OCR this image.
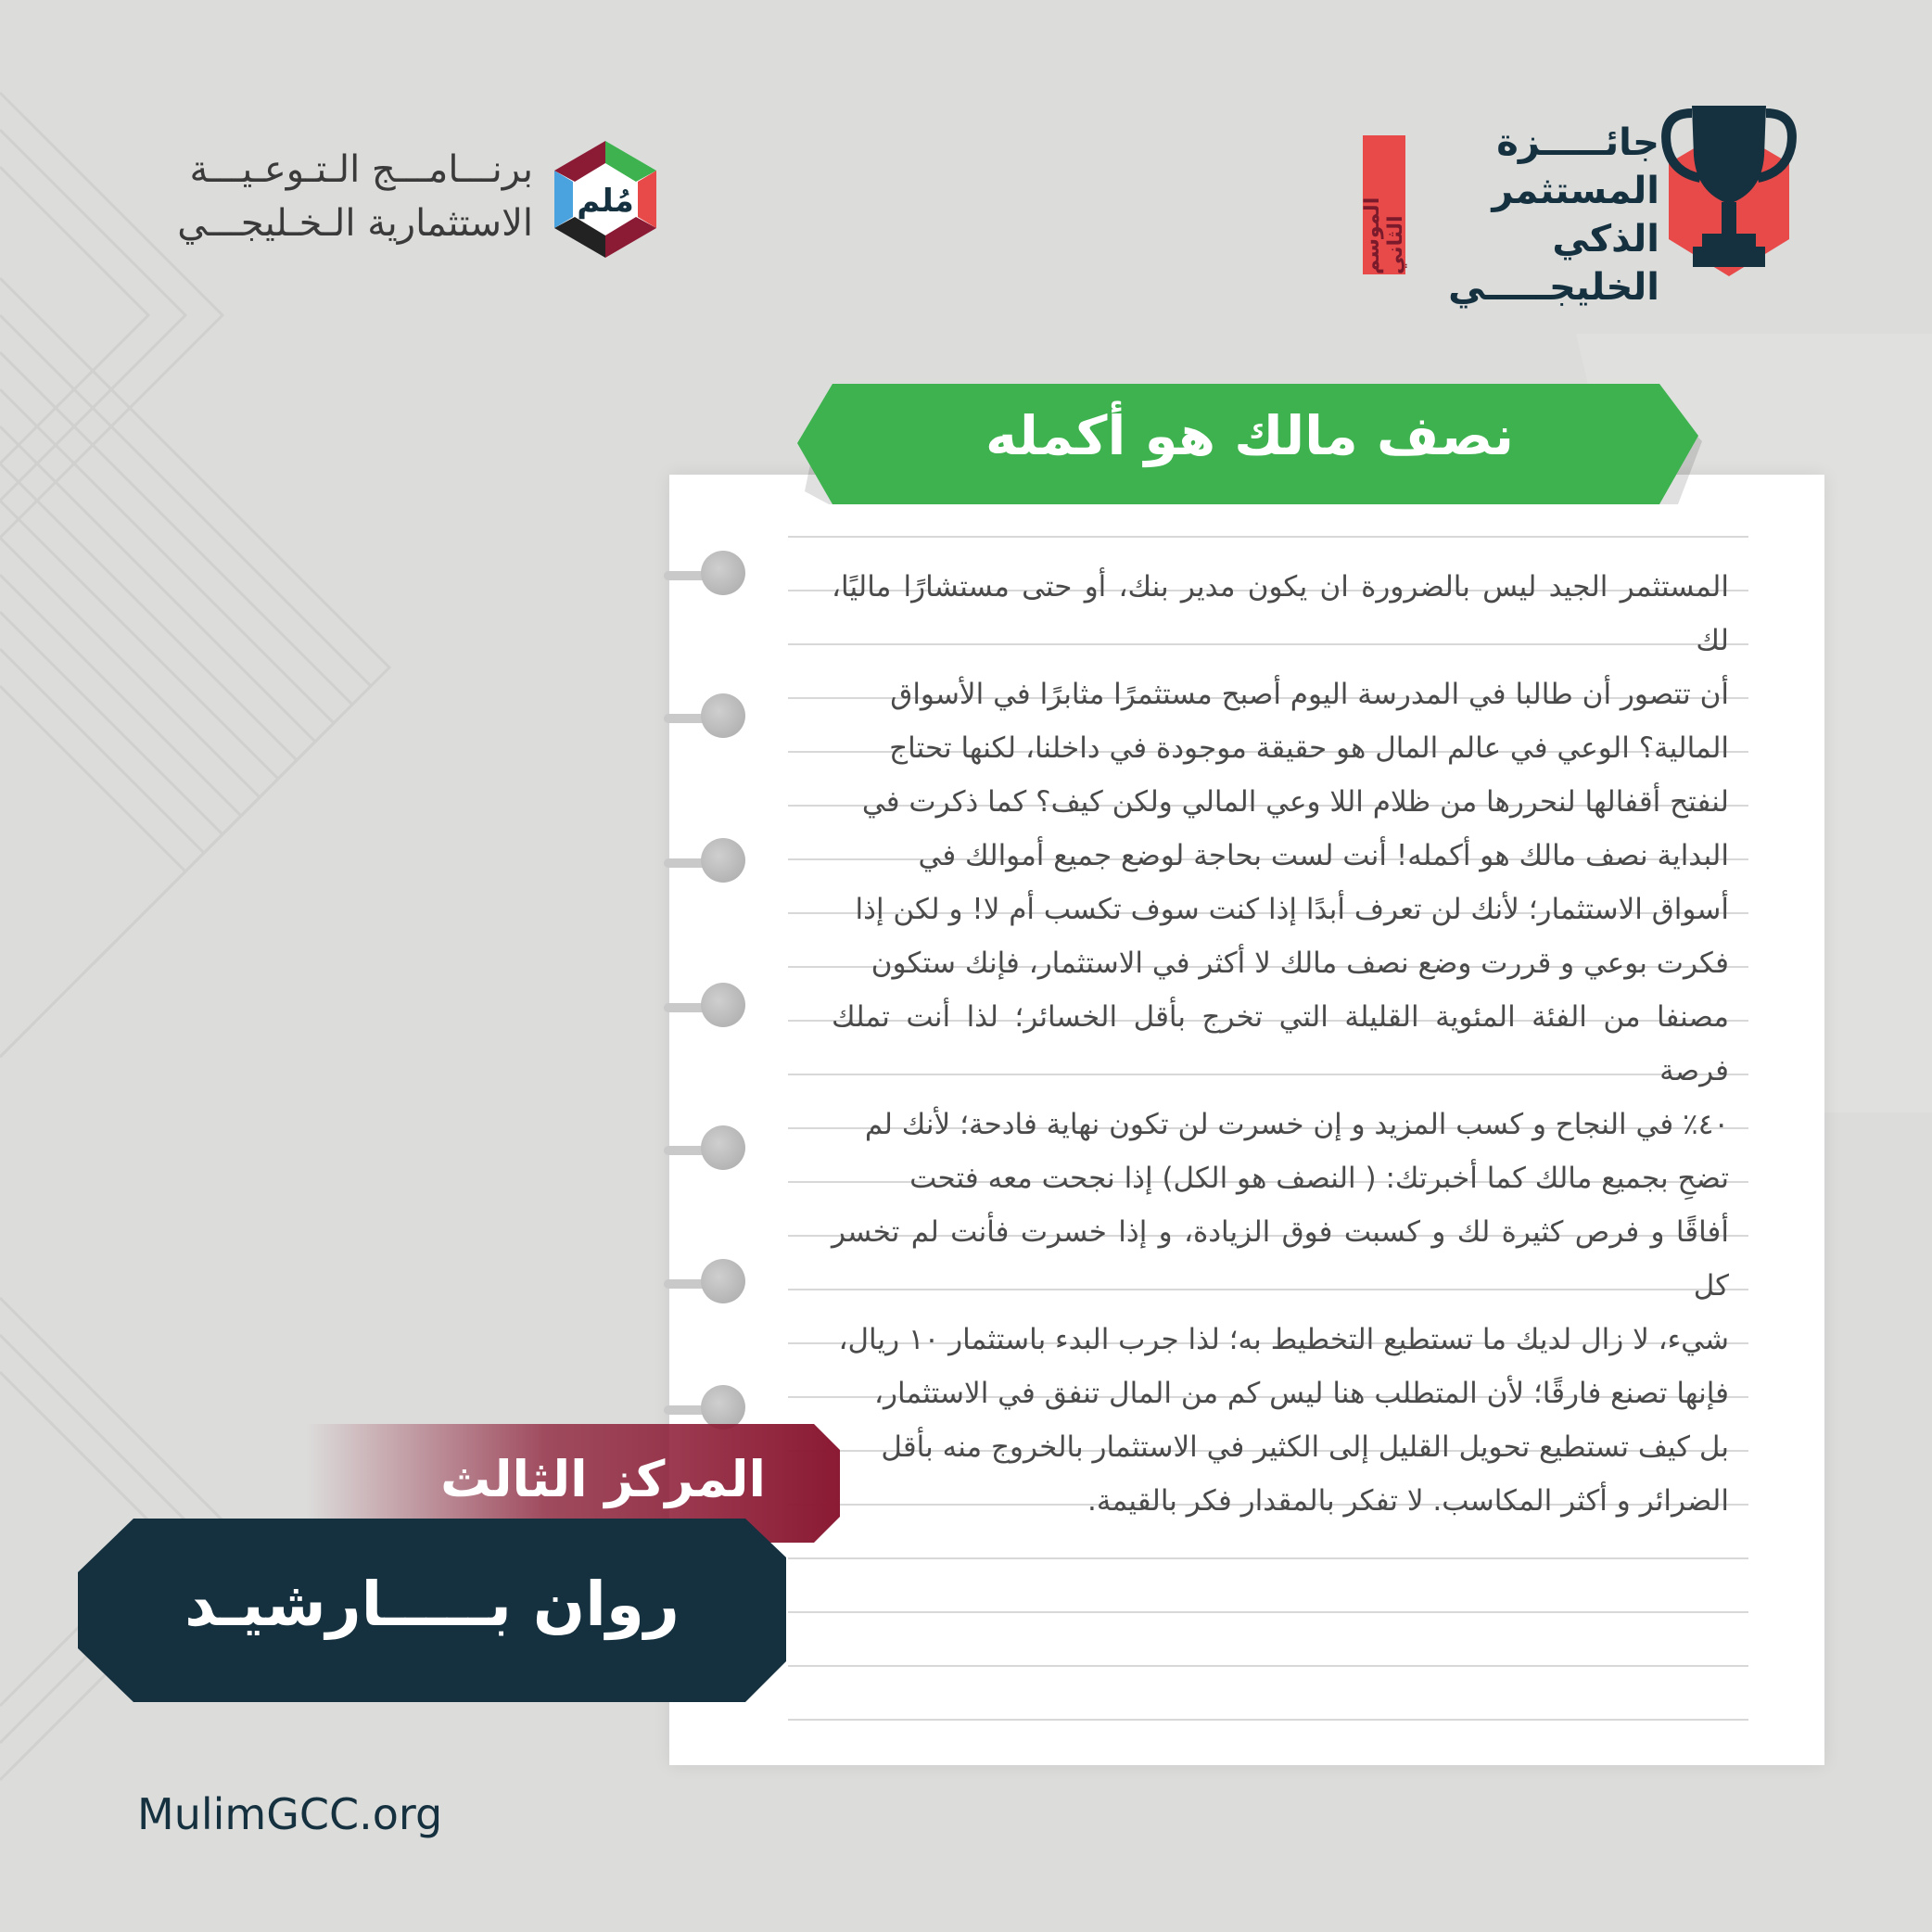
الموسم الثاني
جائـــــزة
المستثمر الذكي
الخليجـــــي
برنـــامـــج الـتـوعـيـــة
الاستثمارية الـخـليجـــي
مُلم
المستثمر الجيد ليس بالضرورة ان يكون مدير بنك، أو حتى مستشارًا ماليًا، لك
أن تتصور أن طالبا في المدرسة اليوم أصبح مستثمرًا مثابرًا في الأسواق
المالية؟ الوعي في عالم المال هو حقيقة موجودة في داخلنا، لكنها تحتاج
لنفتح أقفالها لنحررها من ظلام اللا وعي المالي ولكن كيف؟ كما ذكرت في
البداية نصف مالك هو أكمله! أنت لست بحاجة لوضع جميع أموالك في
أسواق الاستثمار؛ لأنك لن تعرف أبدًا إذا كنت سوف تكسب أم لا! و لكن إذا
فكرت بوعي و قررت وضع نصف مالك لا أكثر في الاستثمار، فإنك ستكون
مصنفا من الفئة المئوية القليلة التي تخرج بأقل الخسائر؛ لذا أنت تملك فرصة
٤٠٪ في النجاح و كسب المزيد و إن خسرت لن تكون نهاية فادحة؛ لأنك لم
تضحِ بجميع مالك كما أخبرتك: ( النصف هو الكل) إذا نجحت معه فتحت
أفاقًا و فرص كثيرة لك و كسبت فوق الزيادة، و إذا خسرت فأنت لم تخسر كل
شيء، لا زال لديك ما تستطيع التخطيط به؛ لذا جرب البدء باستثمار ١٠ ريال،
فإنها تصنع فارقًا؛ لأن المتطلب هنا ليس كم من المال تنفق في الاستثمار،
بل كيف تستطيع تحويل القليل إلى الكثير في الاستثمار بالخروج منه بأقل
الضرائر و أكثر المكاسب. لا تفكر بالمقدار فكر بالقيمة.
نصف مالك هو أكمله
المركز الثالث
روان بـــــارشيـد
MulimGCC.org
